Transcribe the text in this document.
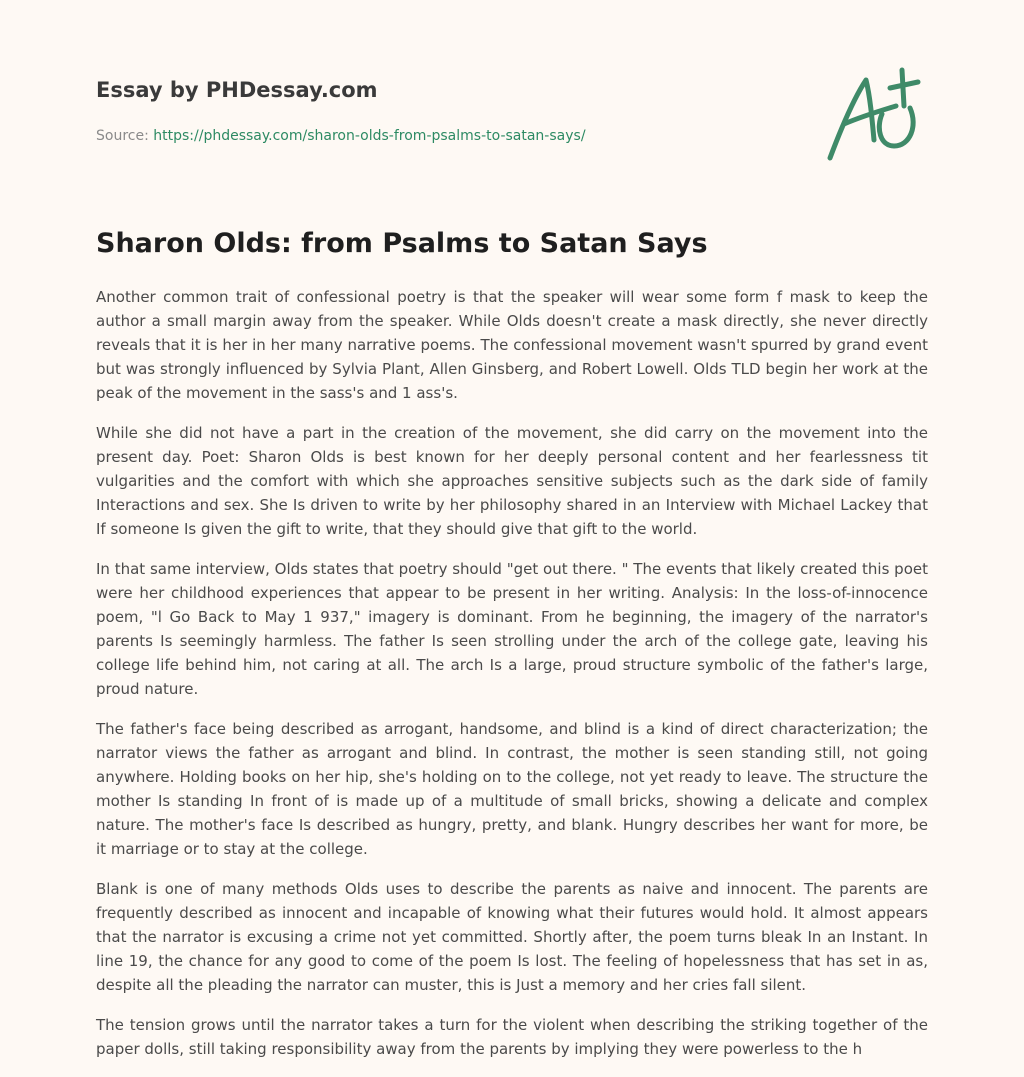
Essay by PHDessay.com
Source: https://phdessay.com/sharon-olds-from-psalms-to-satan-says/
Sharon Olds: from Psalms to Satan Says

Another common trait of confessional poetry is that the speaker will wear some form f mask to keep the author a small margin away from the speaker. While Olds doesn't create a mask directly, she never directly reveals that it is her in her many narrative poems. The confessional movement wasn't spurred by grand event but was strongly influenced by Sylvia Plant, Allen Ginsberg, and Robert Lowell. Olds TLD begin her work at the peak of the movement in the sass's and 1 ass's.

While she did not have a part in the creation of the movement, she did carry on the movement into the present day. Poet: Sharon Olds is best known for her deeply personal content and her fearlessness tit vulgarities and the comfort with which she approaches sensitive subjects such as the dark side of family Interactions and sex. She Is driven to write by her philosophy shared in an Interview with Michael Lackey that If someone Is given the gift to write, that they should give that gift to the world.

In that same interview, Olds states that poetry should "get out there. " The events that likely created this poet were her childhood experiences that appear to be present in her writing. Analysis: In the loss-of-innocence poem, "l Go Back to May 1 937," imagery is dominant. From he beginning, the imagery of the narrator's parents Is seemingly harmless. The father Is seen strolling under the arch of the college gate, leaving his college life behind him, not caring at all. The arch Is a large, proud structure symbolic of the father's large, proud nature.

The father's face being described as arrogant, handsome, and blind is a kind of direct characterization; the narrator views the father as arrogant and blind. In contrast, the mother is seen standing still, not going anywhere. Holding books on her hip, she's holding on to the college, not yet ready to leave. The structure the mother Is standing In front of is made up of a multitude of small bricks, showing a delicate and complex nature. The mother's face Is described as hungry, pretty, and blank. Hungry describes her want for more, be it marriage or to stay at the college.

Blank is one of many methods Olds uses to describe the parents as naive and innocent. The parents are frequently described as innocent and incapable of knowing what their futures would hold. It almost appears that the narrator is excusing a crime not yet committed. Shortly after, the poem turns bleak In an Instant. In line 19, the chance for any good to come of the poem Is lost. The feeling of hopelessness that has set in as, despite all the pleading the narrator can muster, this is Just a memory and her cries fall silent.

The tension grows until the narrator takes a turn for the violent when describing the striking together of the paper dolls, still taking responsibility away from the parents by implying they were powerless to the h
